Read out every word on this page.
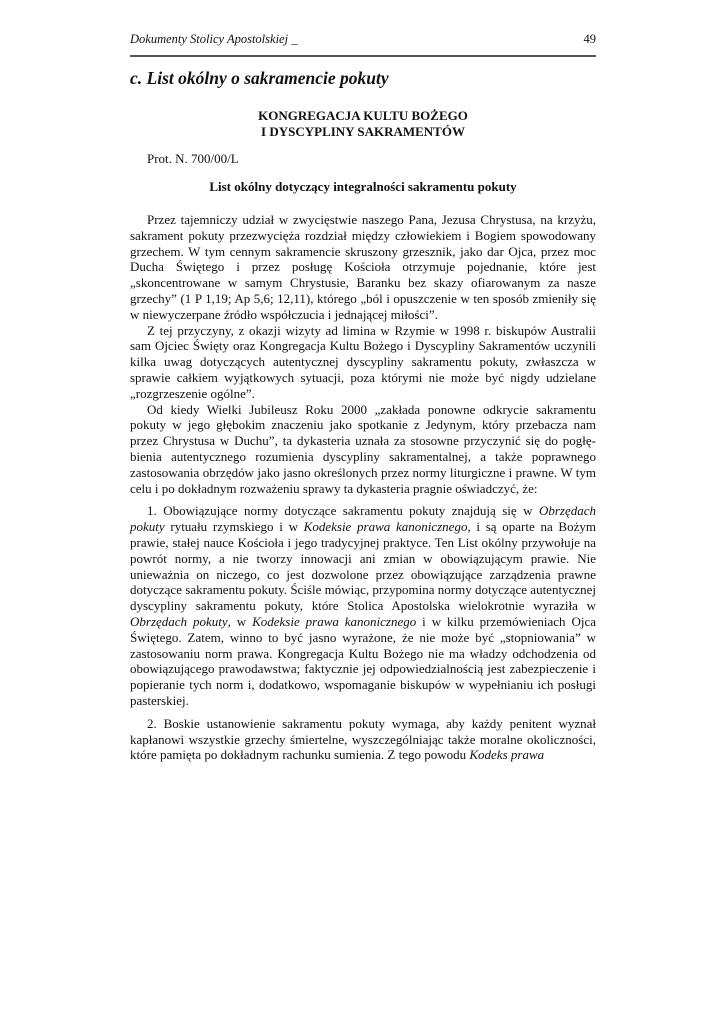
Dokumenty Stolicy Apostolskiej _	49
c. List okólny o sakramencie pokuty
KONGREGACJA KULTU BOŻEGO
I DYSCYPLINY SAKRAMENTÓW
Prot. N. 700/00/L
List okólny dotyczący integralności sakramentu pokuty

Przez tajemniczy udział w zwycięstwie naszego Pana, Jezusa Chrystusa, na krzyżu, sakrament pokuty przezwycięża rozdział między człowiekiem i Bogiem spowodowany grzechem. W tym cennym sakramencie skruszony grzesznik, jako dar Ojca, przez moc Ducha Świętego i przez posługę Kościoła otrzymuje pojednanie, które jest „skoncentrowane w samym Chrystusie, Baranku bez skazy ofiarowanym za nasze grzechy” (1 P 1,19; Ap 5,6; 12,11), którego „ból i opuszczenie w ten sposób zmieniły się w niewyczerpane źródło współczucia i jednającej miłości”.

Z tej przyczyny, z okazji wizyty ad limina w Rzymie w 1998 r. biskupów Australii sam Ojciec Święty oraz Kongregacja Kultu Bożego i Dyscypliny Sakramentów uczynili kilka uwag dotyczących autentycznej dyscypliny sakramentu pokuty, zwłaszcza w sprawie całkiem wyjątkowych sytuacji, poza którymi nie może być nigdy udzielane „rozgrzeszenie ogólne”.

Od kiedy Wielki Jubileusz Roku 2000 „zakłada ponowne odkrycie sakramentu pokuty w jego głębokim znaczeniu jako spotkanie z Jedynym, który przebacza nam przez Chrystusa w Duchu”, ta dykasteria uznała za stosowne przyczynić się do pogłębienia autentycznego rozumienia dyscypliny sakramentalnej, a także poprawnego zastosowania obrzędów jako jasno określonych przez normy liturgiczne i prawne. W tym celu i po dokładnym rozważeniu sprawy ta dykasteria pragnie oświadczyć, że:

1. Obowiązujące normy dotyczące sakramentu pokuty znajdują się w Obrzędach pokuty rytuału rzymskiego i w Kodeksie prawa kanonicznego, i są oparte na Bożym prawie, stałej nauce Kościoła i jego tradycyjnej praktyce. Ten List okólny przywołuje na powrót normy, a nie tworzy innowacji ani zmian w obowiązującym prawie. Nie unieważnia on niczego, co jest dozwolone przez obowiązujące zarządzenia prawne dotyczące sakramentu pokuty. Ściśle mówiąc, przypomina normy dotyczące autentycznej dyscypliny sakramentu pokuty, które Stolica Apostolska wielokrotnie wyraziła w Obrzędach pokuty, w Kodeksie prawa kanonicznego i w kilku przemówieniach Ojca Świętego. Zatem, winno to być jasno wyrażone, że nie może być „stopniowania” w zastosowaniu norm prawa. Kongregacja Kultu Bożego nie ma władzy odchodzenia od obowiązującego prawodawstwa; faktycznie jej odpowiedzialnością jest zabezpieczenie i popieranie tych norm i, dodatkowo, wspomaganie biskupów w wypełnianiu ich posługi pasterskiej.

2. Boskie ustanowienie sakramentu pokuty wymaga, aby każdy penitent wyznał kapłanowi wszystkie grzechy śmiertelne, wyszczególniając także moralne okoliczności, które pamięta po dokładnym rachunku sumienia. Z tego powodu Kodeks prawa
